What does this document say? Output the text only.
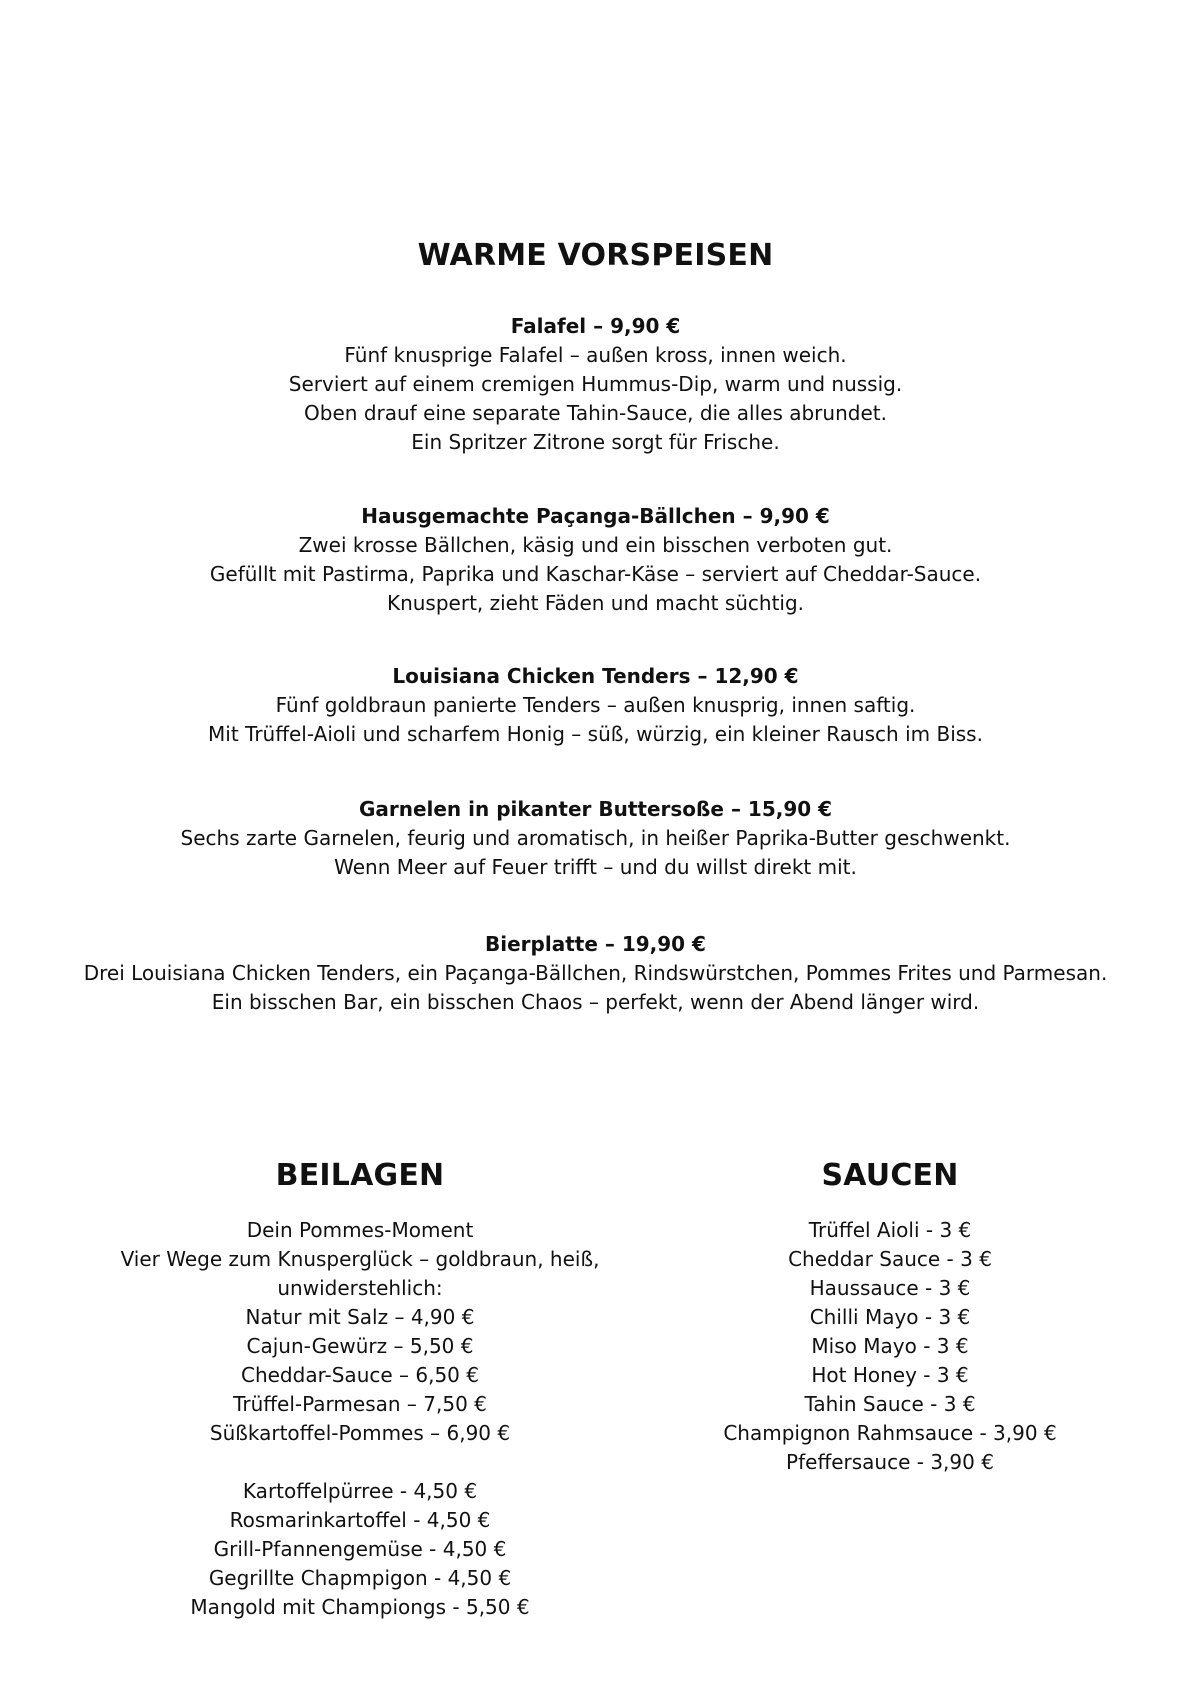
WARME VORSPEISEN
Falafel – 9,90 €
Fünf knusprige Falafel – außen kross, innen weich.
Serviert auf einem cremigen Hummus-Dip, warm und nussig.
Oben drauf eine separate Tahin-Sauce, die alles abrundet.
Ein Spritzer Zitrone sorgt für Frische.
Hausgemachte Paçanga-Bällchen – 9,90 €
Zwei krosse Bällchen, käsig und ein bisschen verboten gut.
Gefüllt mit Pastirma, Paprika und Kaschar-Käse – serviert auf Cheddar-Sauce.
Knuspert, zieht Fäden und macht süchtig.
Louisiana Chicken Tenders – 12,90 €
Fünf goldbraun panierte Tenders – außen knusprig, innen saftig.
Mit Trüffel-Aioli und scharfem Honig – süß, würzig, ein kleiner Rausch im Biss.
Garnelen in pikanter Buttersoße – 15,90 €
Sechs zarte Garnelen, feurig und aromatisch, in heißer Paprika-Butter geschwenkt.
Wenn Meer auf Feuer trifft – und du willst direkt mit.
Bierplatte – 19,90 €
Drei Louisiana Chicken Tenders, ein Paçanga-Bällchen, Rindswürstchen, Pommes Frites und Parmesan.
Ein bisschen Bar, ein bisschen Chaos – perfekt, wenn der Abend länger wird.
BEILAGEN
Dein Pommes-Moment
Vier Wege zum Knusperglück – goldbraun, heiß,
unwiderstehlich:
Natur mit Salz – 4,90 €
Cajun-Gewürz – 5,50 €
Cheddar-Sauce – 6,50 €
Trüffel-Parmesan – 7,50 €
Süßkartoffel-Pommes – 6,90 €
Kartoffelpürree - 4,50 €
Rosmarinkartoffel - 4,50 €
Grill-Pfannengemüse - 4,50 €
Gegrillte Chapmpigon - 4,50 €
Mangold mit Championgs - 5,50 €
SAUCEN
Trüffel Aioli - 3 €
Cheddar Sauce - 3 €
Haussauce - 3 €
Chilli Mayo - 3 €
Miso Mayo - 3 €
Hot Honey - 3 €
Tahin Sauce - 3 €
Champignon Rahmsauce - 3,90 €
Pfeffersauce - 3,90 €
